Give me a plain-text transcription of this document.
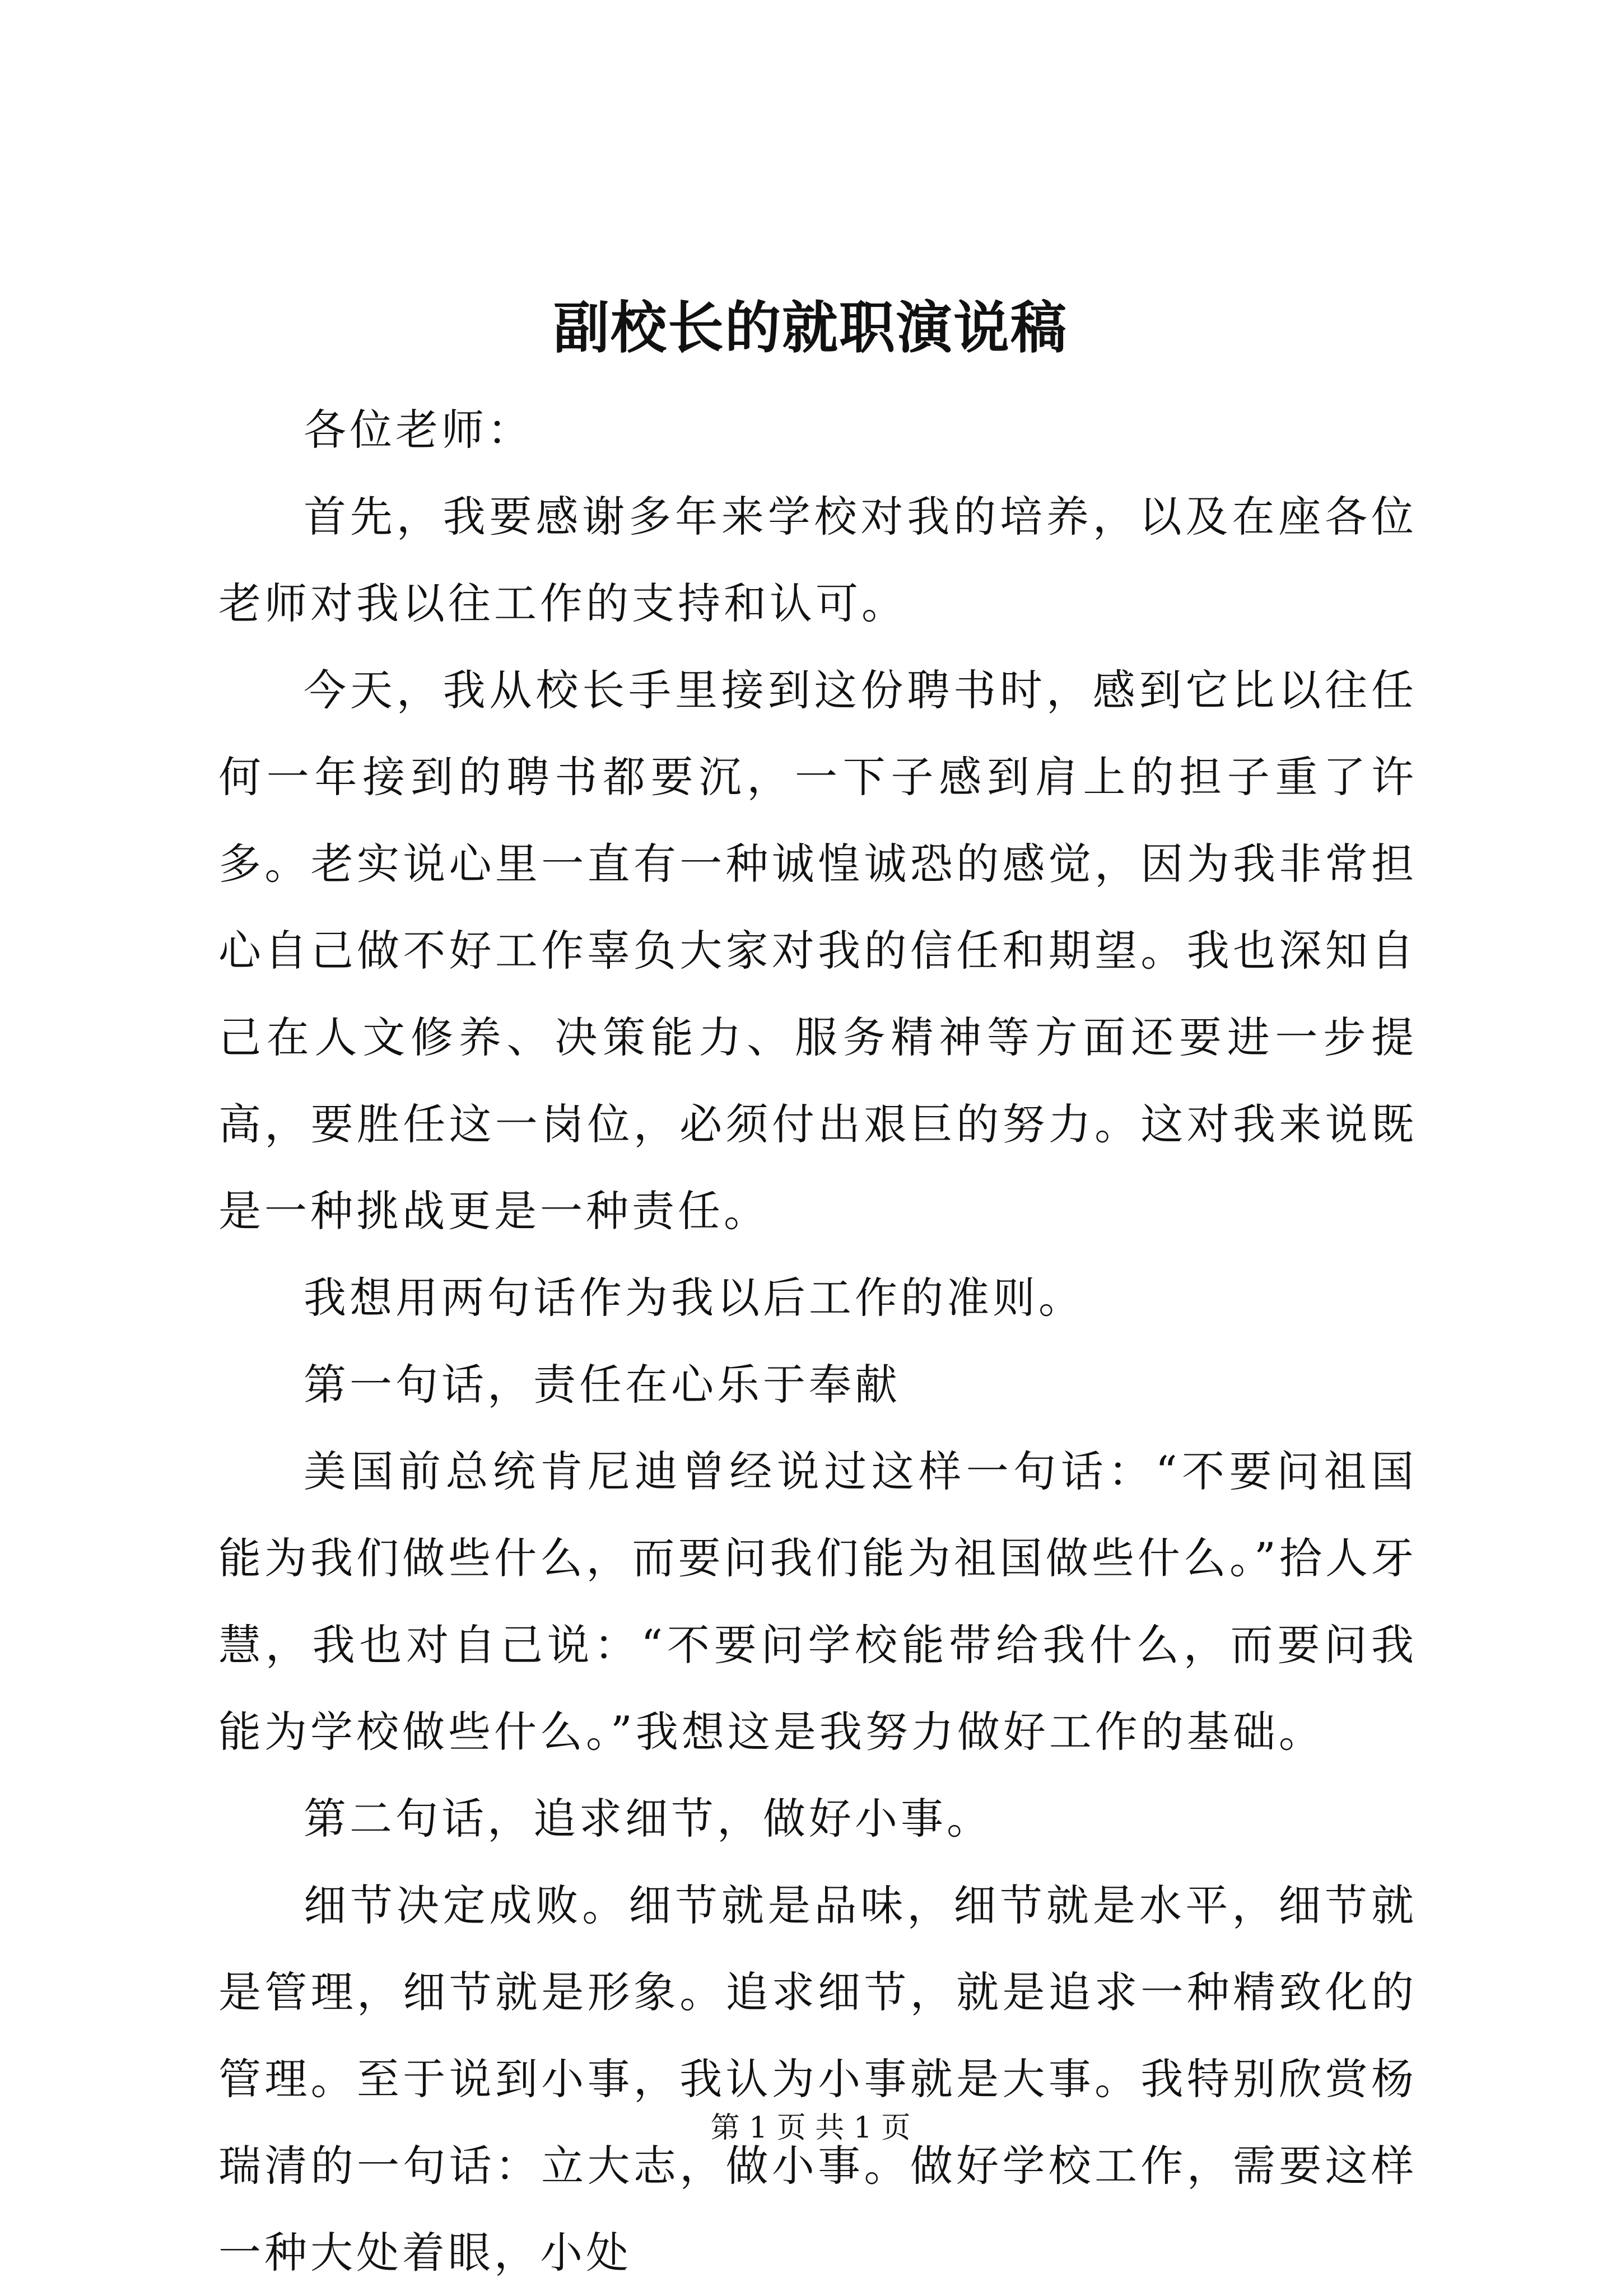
副校长的就职演说稿

各位老师：

首先，我要感谢多年来学校对我的培养，以及在座各位老师对我以往工作的支持和认可。

今天，我从校长手里接到这份聘书时，感到它比以往任何一年接到的聘书都要沉，一下子感到肩上的担子重了许多。老实说心里一直有一种诚惶诚恐的感觉，因为我非常担心自己做不好工作辜负大家对我的信任和期望。我也深知自己在人文修养、决策能力、服务精神等方面还要进一步提高，要胜任这一岗位，必须付出艰巨的努力。这对我来说既是一种挑战更是一种责任。

我想用两句话作为我以后工作的准则。

第一句话，责任在心乐于奉献

美国前总统肯尼迪曾经说过这样一句话：“不要问祖国能为我们做些什么，而要问我们能为祖国做些什么。”拾人牙慧，我也对自己说：“不要问学校能带给我什么，而要问我能为学校做些什么。”我想这是我努力做好工作的基础。

第二句话，追求细节，做好小事。

细节决定成败。细节就是品味，细节就是水平，细节就是管理，细节就是形象。追求细节，就是追求一种精致化的管理。至于说到小事，我认为小事就是大事。我特别欣赏杨瑞清的一句话：立大志，做小事。做好学校工作，需要这样一种大处着眼，小处

第 1 页 共 1 页
